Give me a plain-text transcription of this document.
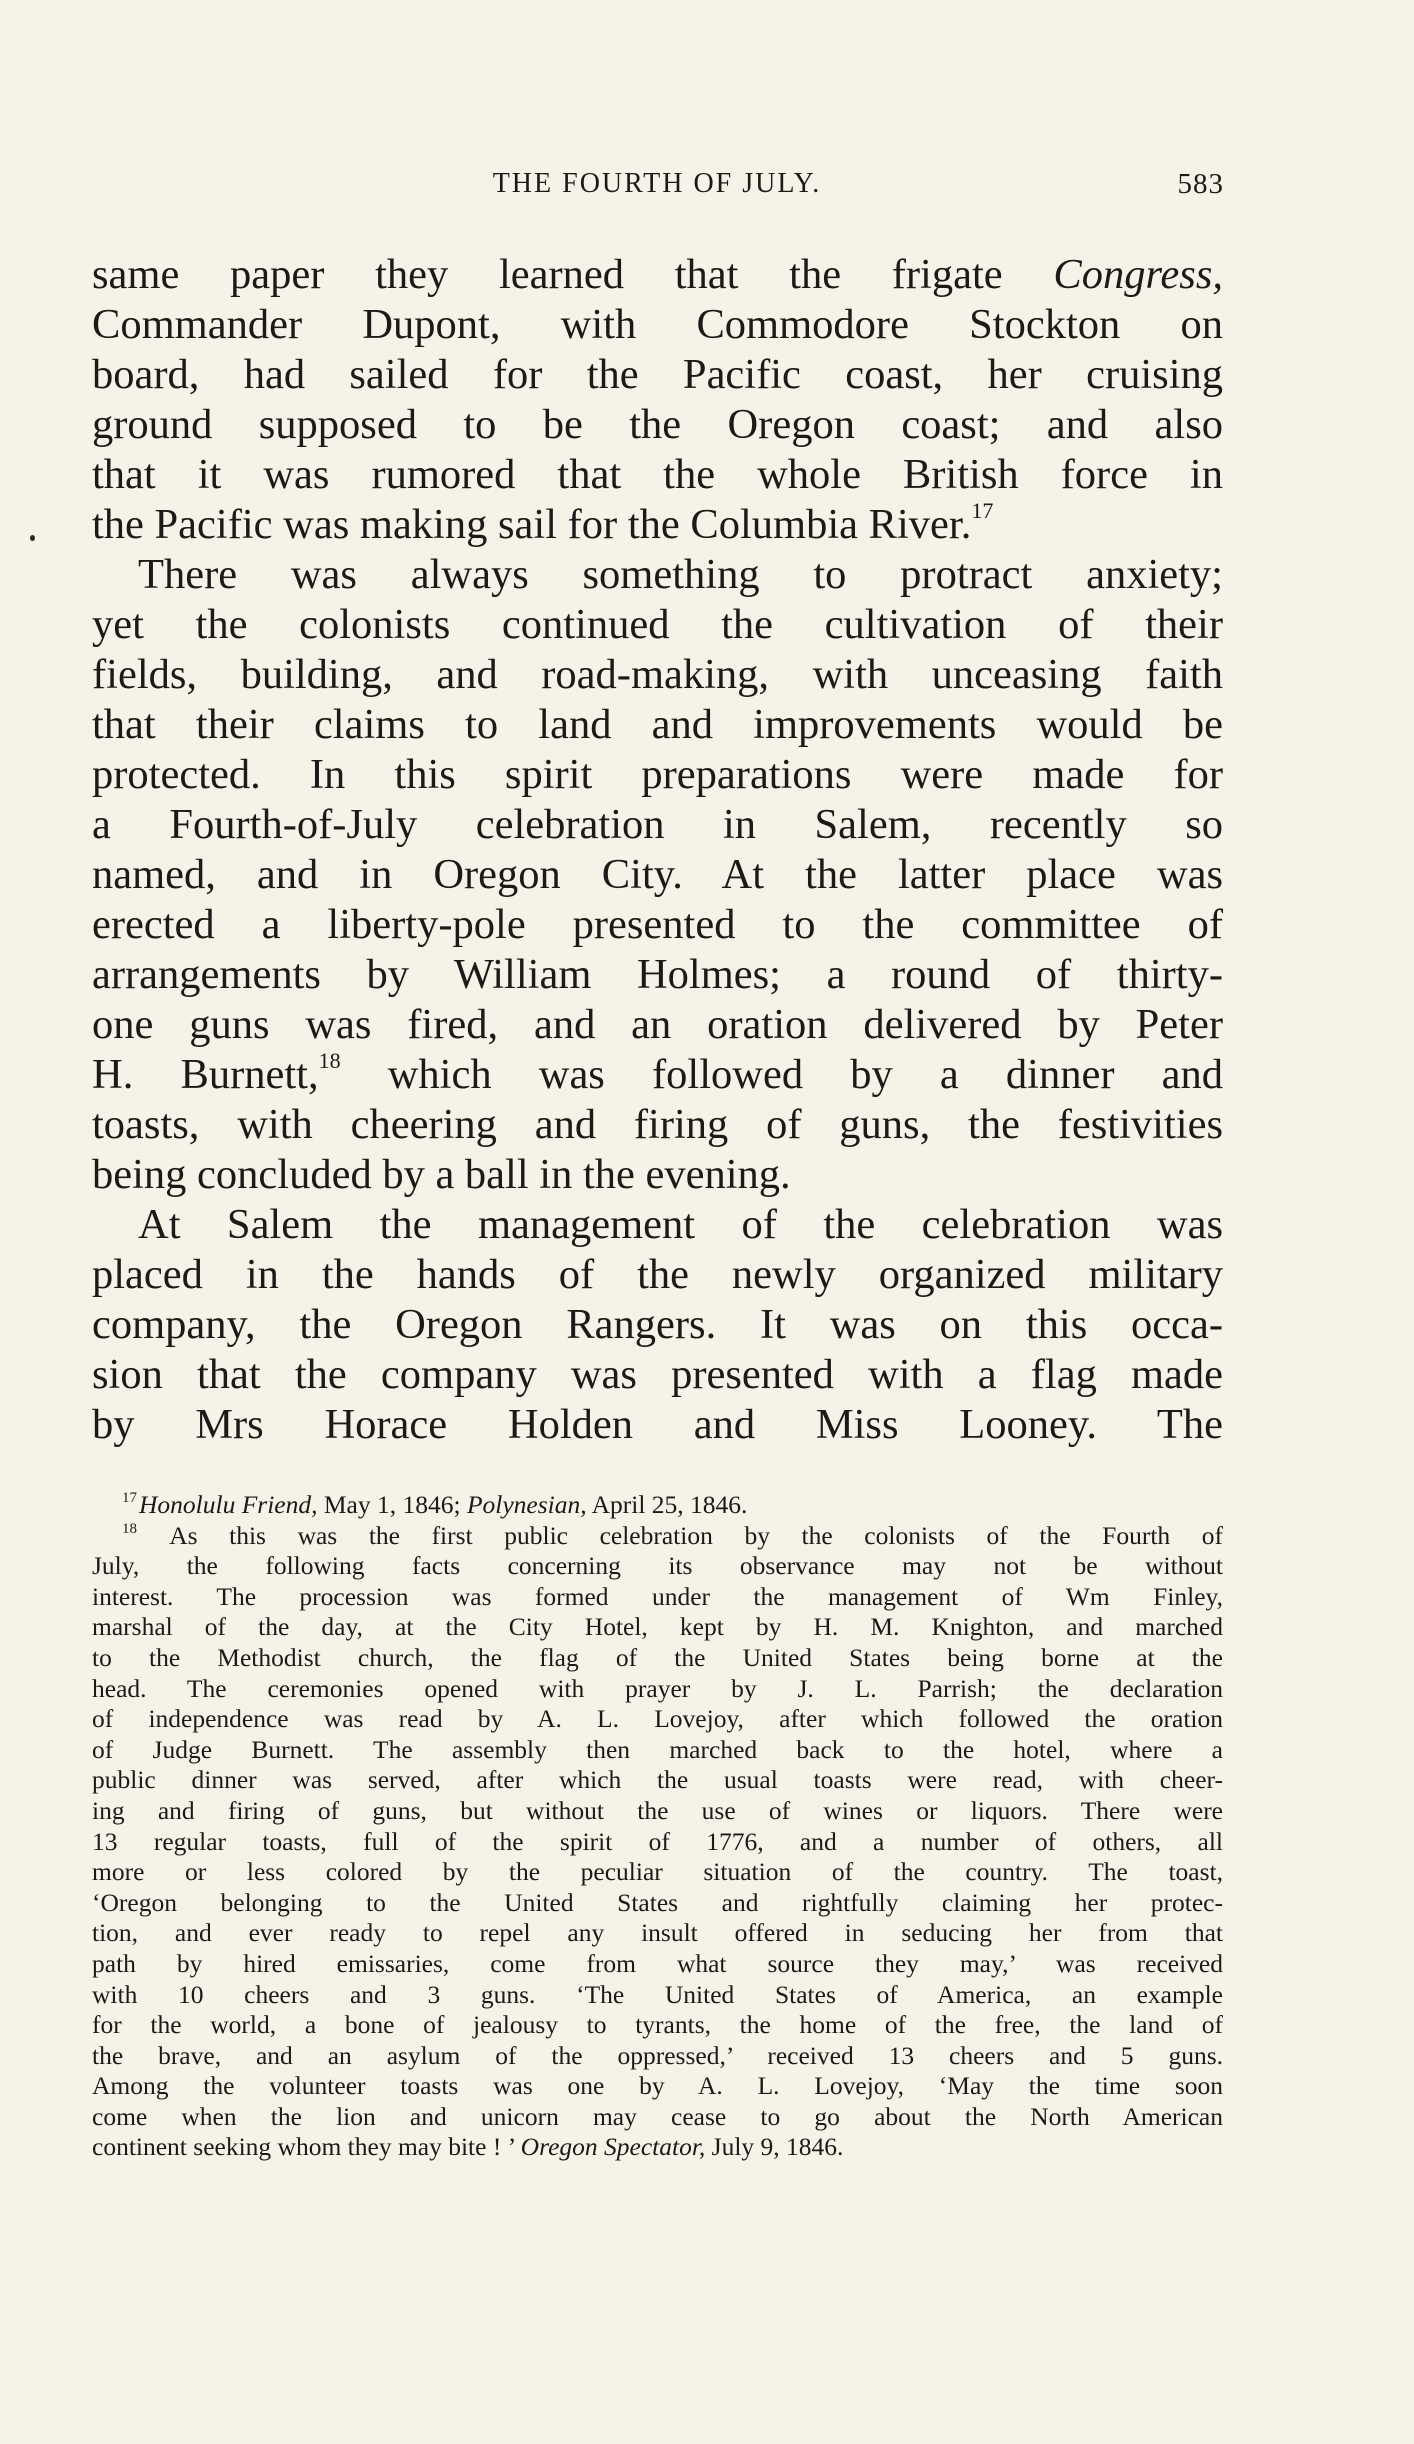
THE FOURTH OF JULY.	583
same paper they learned that the frigate Congress,
Commander Dupont, with Commodore Stockton on
board, had sailed for the Pacific coast, her cruising
ground supposed to be the Oregon coast; and also
that it was rumored that the whole British force in
the Pacific was making sail for the Columbia River.$^{17}$
There was always something to protract anxiety;
yet the colonists continued the cultivation of their
fields, building, and road-making, with unceasing faith
that their claims to land and improvements would be
protected. In this spirit preparations were made for
a Fourth-of-July celebration in Salem, recently so
named, and in Oregon City. At the latter place was
erected a liberty-pole presented to the committee of
arrangements by William Holmes; a round of thirty-
one guns was fired, and an oration delivered by Peter
H. Burnett,$^{18}$ which was followed by a dinner and
toasts, with cheering and firing of guns, the festivities
being concluded by a ball in the evening.
At Salem the management of the celebration was
placed in the hands of the newly organized military
company, the Oregon Rangers. It was on this occa-
sion that the company was presented with a flag made
by Mrs Horace Holden and Miss Looney. The
$^{17}$Honolulu Friend, May 1, 1846; Polynesian, April 25, 1846.
$^{18}$ As this was the first public celebration by the colonists of the Fourth of
July, the following facts concerning its observance may not be without
interest. The procession was formed under the management of Wm Finley,
marshal of the day, at the City Hotel, kept by H. M. Knighton, and marched
to the Methodist church, the flag of the United States being borne at the
head. The ceremonies opened with prayer by J. L. Parrish; the declaration
of independence was read by A. L. Lovejoy, after which followed the oration
of Judge Burnett. The assembly then marched back to the hotel, where a
public dinner was served, after which the usual toasts were read, with cheer-
ing and firing of guns, but without the use of wines or liquors. There were
13 regular toasts, full of the spirit of 1776, and a number of others, all
more or less colored by the peculiar situation of the country. The toast,
‘Oregon belonging to the United States and rightfully claiming her protec-
tion, and ever ready to repel any insult offered in seducing her from that
path by hired emissaries, come from what source they may,’ was received
with 10 cheers and 3 guns. ‘The United States of America, an example
for the world, a bone of jealousy to tyrants, the home of the free, the land of
the brave, and an asylum of the oppressed,’ received 13 cheers and 5 guns.
Among the volunteer toasts was one by A. L. Lovejoy, ‘May the time soon
come when the lion and unicorn may cease to go about the North American
continent seeking whom they may bite ! ’ Oregon Spectator, July 9, 1846.
